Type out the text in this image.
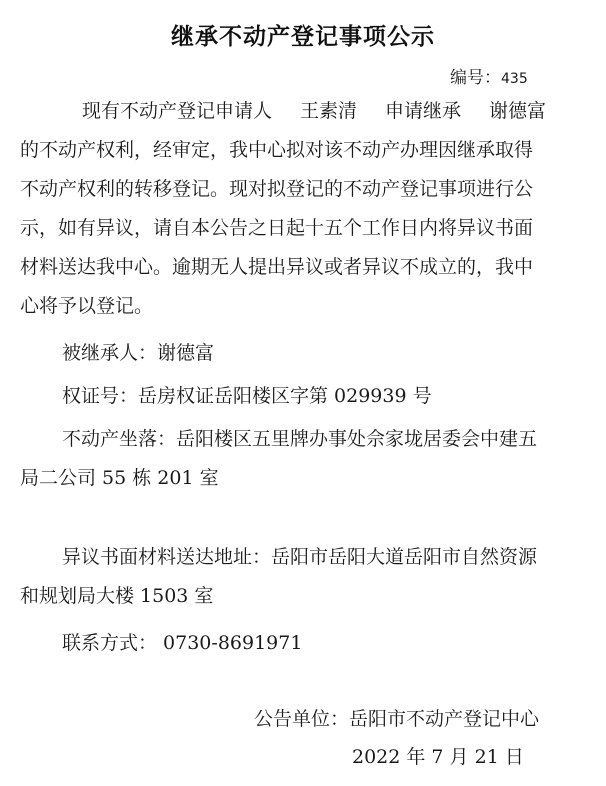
继承不动产登记事项公示
编号：435
现有不动产登记申请人 王素清 申请继承 谢德富
的不动产权利，经审定，我中心拟对该不动产办理因继承取得
不动产权利的转移登记。现对拟登记的不动产登记事项进行公
示，如有异议，请自本公告之日起十五个工作日内将异议书面
材料送达我中心。逾期无人提出异议或者异议不成立的，我中
心将予以登记。
被继承人：谢德富
权证号：岳房权证岳阳楼区字第 029939 号
不动产坐落：岳阳楼区五里牌办事处佘家垅居委会中建五
局二公司 55 栋 201 室
异议书面材料送达地址：岳阳市岳阳大道岳阳市自然资源
和规划局大楼 1503 室
联系方式： 0730-8691971
公告单位：岳阳市不动产登记中心
2022 年 7 月 21 日
